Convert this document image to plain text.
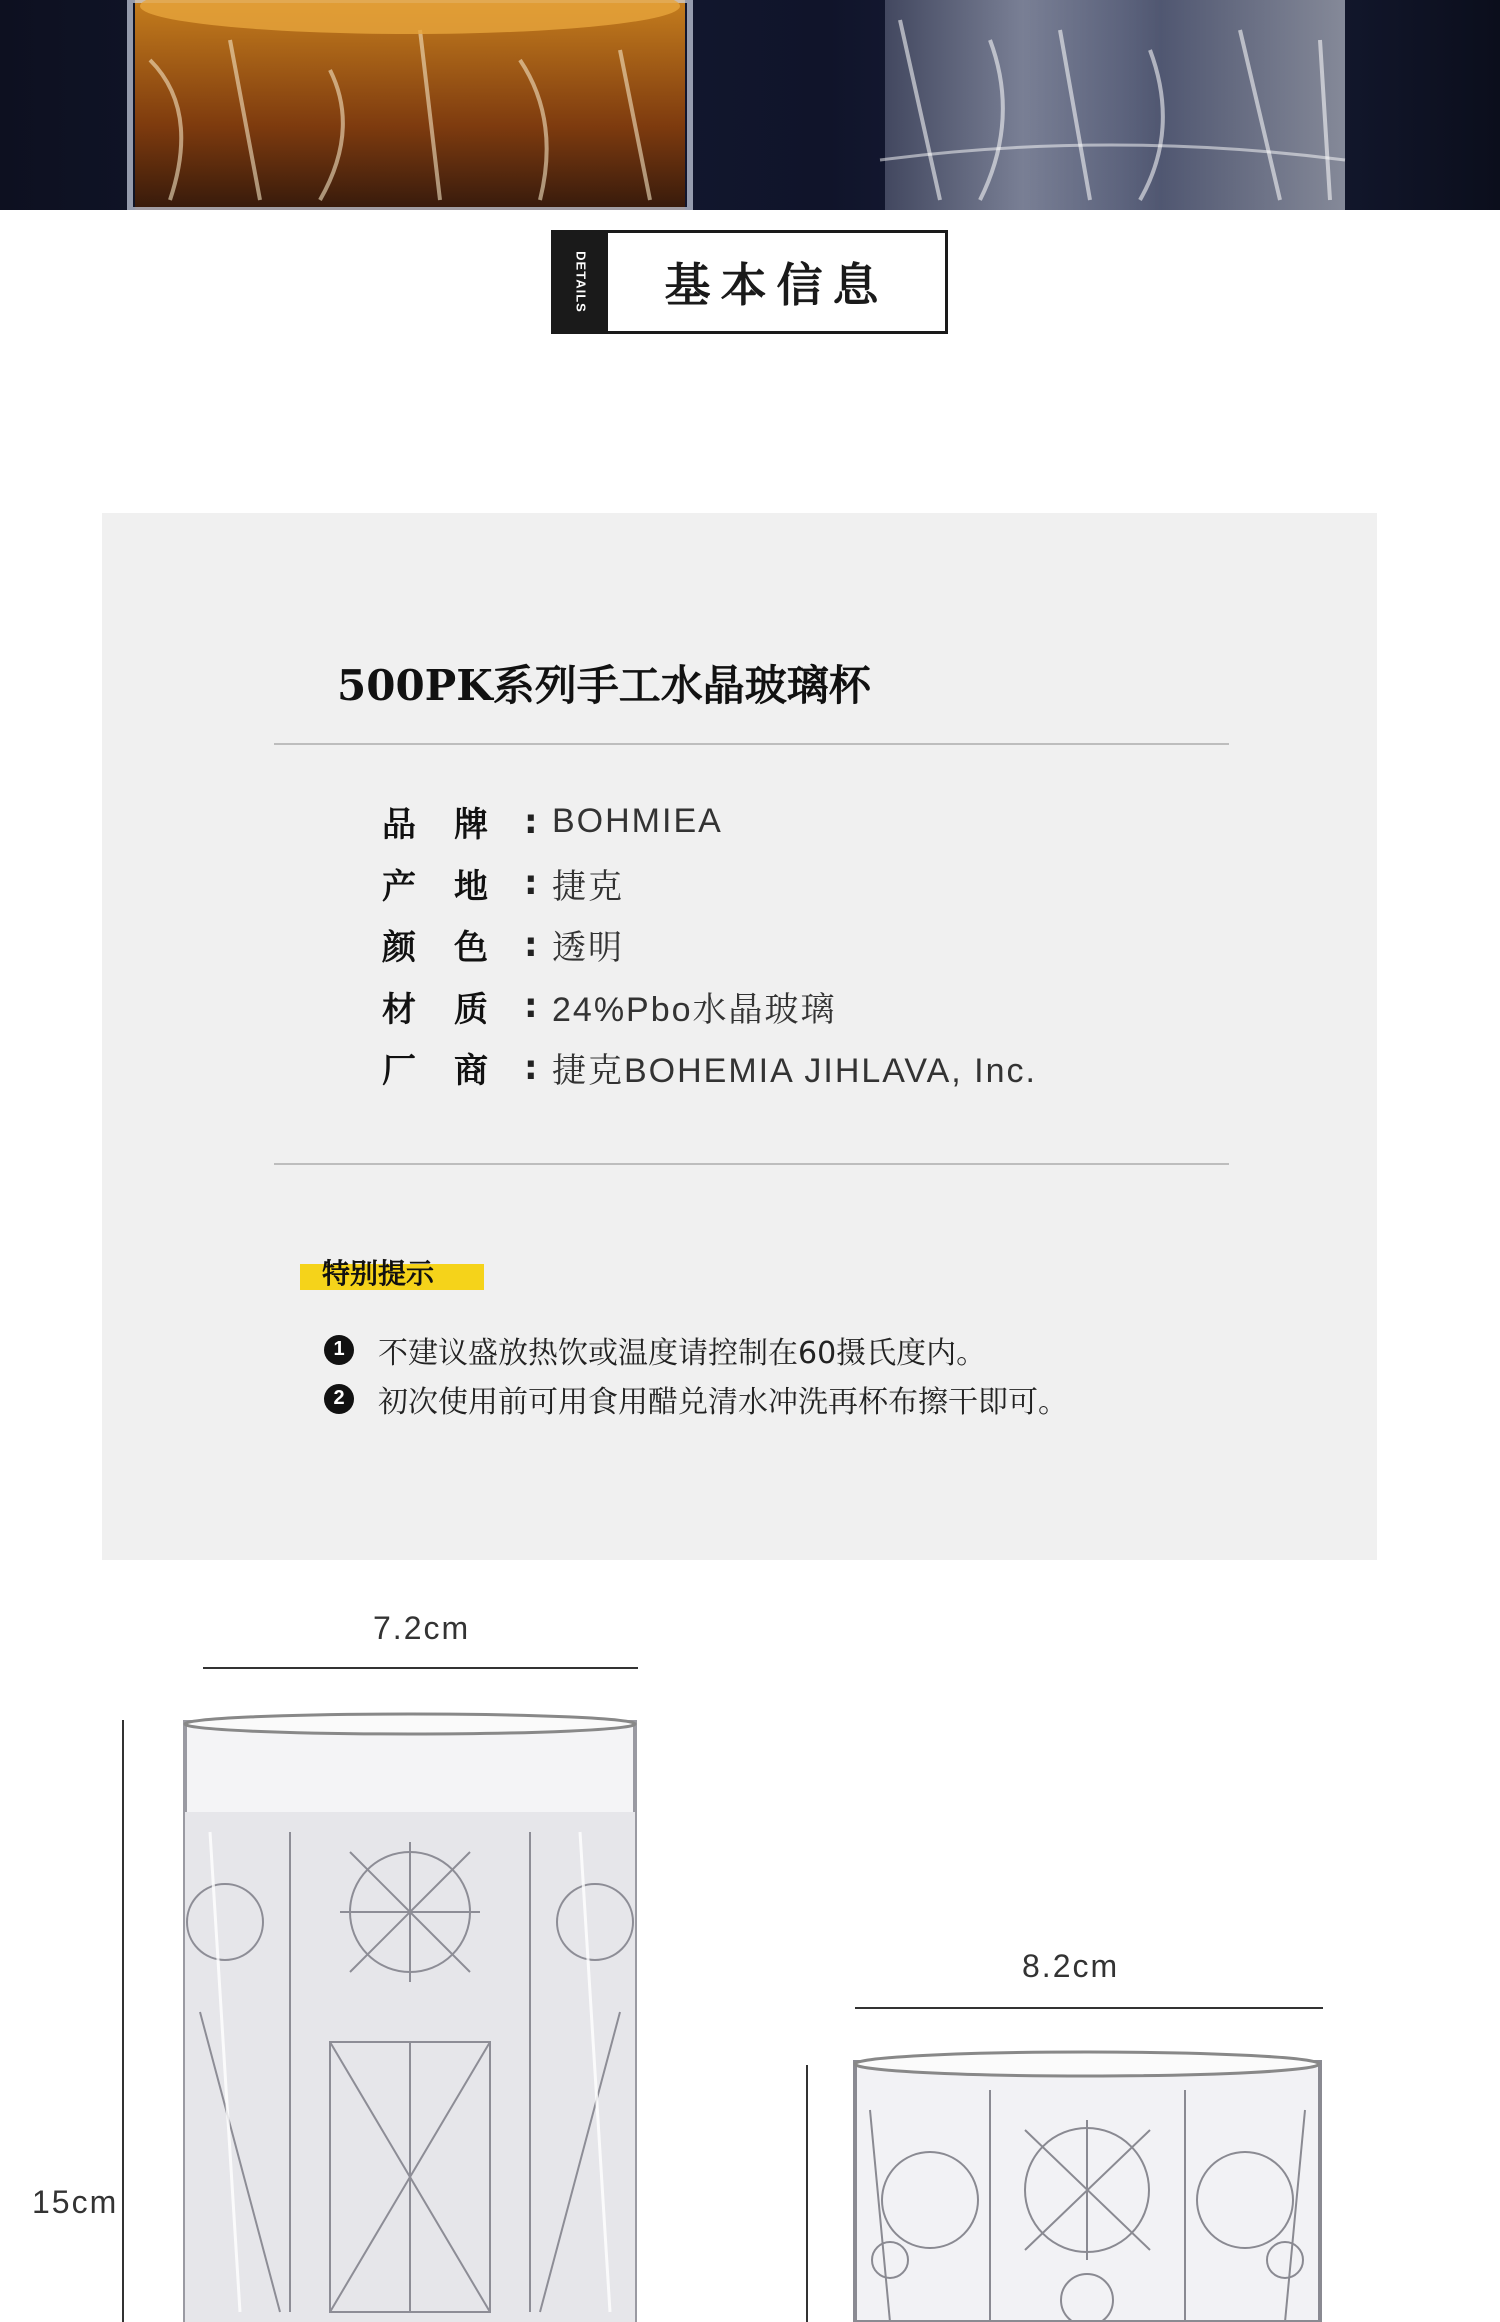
DETAILS	基本信息
500PK系列手工水晶玻璃杯
品牌
: BOHMIEA
产地
: 捷克
颜色
: 透明
材质
: 24%Pbo水晶玻璃
厂商
: 捷克BOHEMIA JIHLAVA, Inc.
特别提示
1	不建议盛放热饮或温度请控制在60摄氏度内。
2	初次使用前可用食用醋兑清水冲洗再杯布擦干即可。
7.2cm
15cm
8.2cm
